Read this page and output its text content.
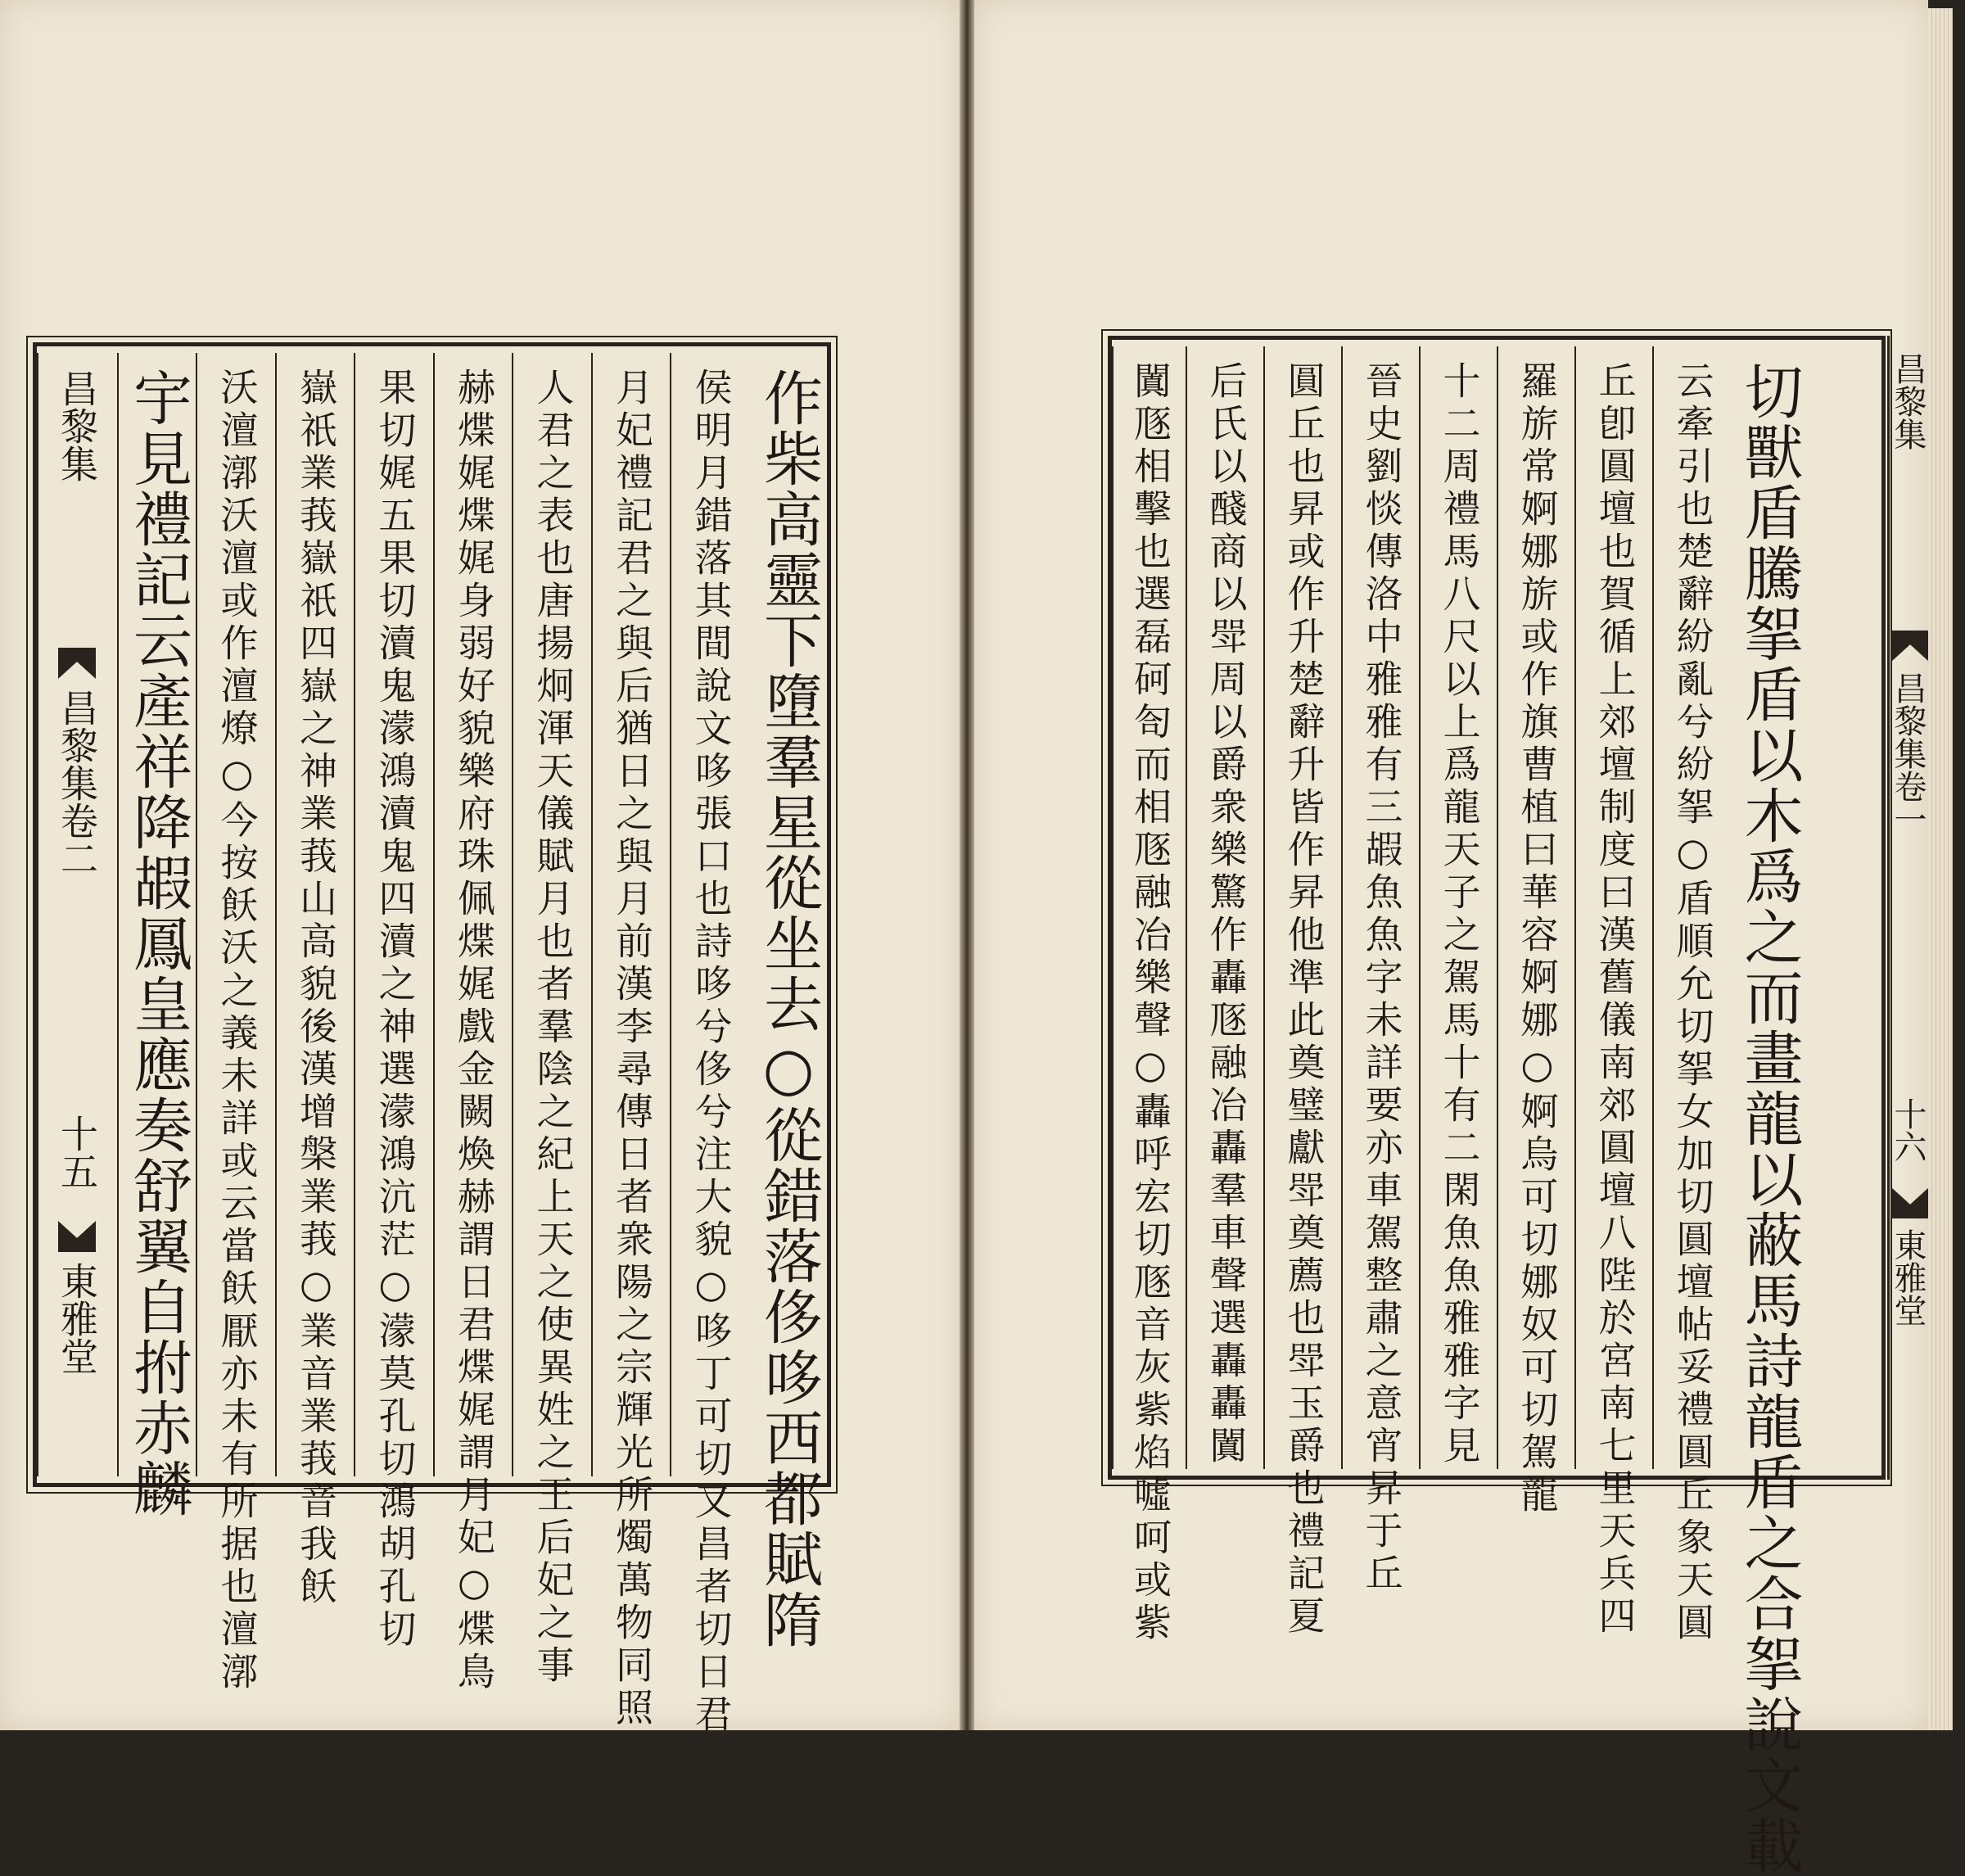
作柴高靈下墮羣星從坐去○從錯落侈哆西都賦隋
侯明月錯落其間說文哆張口也詩哆兮侈兮注大貌○哆丁可切又昌者切日君
月妃禮記君之與后猶日之與月前漢李尋傳日者衆陽之宗輝光所燭萬物同照
人君之表也唐揚炯渾天儀賦月也者羣陰之紀上天之使異姓之王后妃之事
赫煠娓煠娓身弱好貌樂府珠佩煠娓戲金闕煥赫謂日君煠娓謂月妃○煠鳥
果切娓五果切瀆鬼濛鴻瀆鬼四瀆之神選濛鴻沆茫○濛莫孔切鴻胡孔切
嶽祇業莪嶽祇四嶽之神業莪山高貌後漢增槃業莪○業音業莪音我飫
沃澶漷沃澶或作澶燎○今按飫沃之義未詳或云當飫厭亦未有所据也澶漷
宇見禮記云產祥降嘏鳳皇應奏舒翼自拊赤麟
昌黎集
昌黎集卷二
十五
東雅堂	切獸盾騰挐盾以木爲之而畫龍以蔽馬詩龍盾之合挐說文載
云牽引也楚辭紛亂兮紛挐○盾順允切挐女加切圓壇帖妥禮圓丘象天圓
丘卽圓壇也賀循上郊壇制度曰漢舊儀南郊圓壇八陛於宮南七里天兵四
羅旂常婀娜旂或作旗曹植曰華容婀娜○婀烏可切娜奴可切駕龍
十二周禮馬八尺以上爲龍天子之駕馬十有二閑魚魚雅雅字見
晉史劉惔傳洛中雅雅有三嘏魚魚字未詳要亦車駕整肅之意宵昇于丘
圓丘也昇或作升楚辭升皆作昇他準此奠璧獻斝奠薦也斝玉爵也禮記夏
后氏以醆商以斝周以爵衆樂驚作轟豗融冶轟羣車聲選轟轟闐
闐豗相擊也選磊砢匌而相豗融冶樂聲○轟呼宏切豗音灰紫焰噓呵或紫	昌黎集
昌黎集卷一
十六
東雅堂
